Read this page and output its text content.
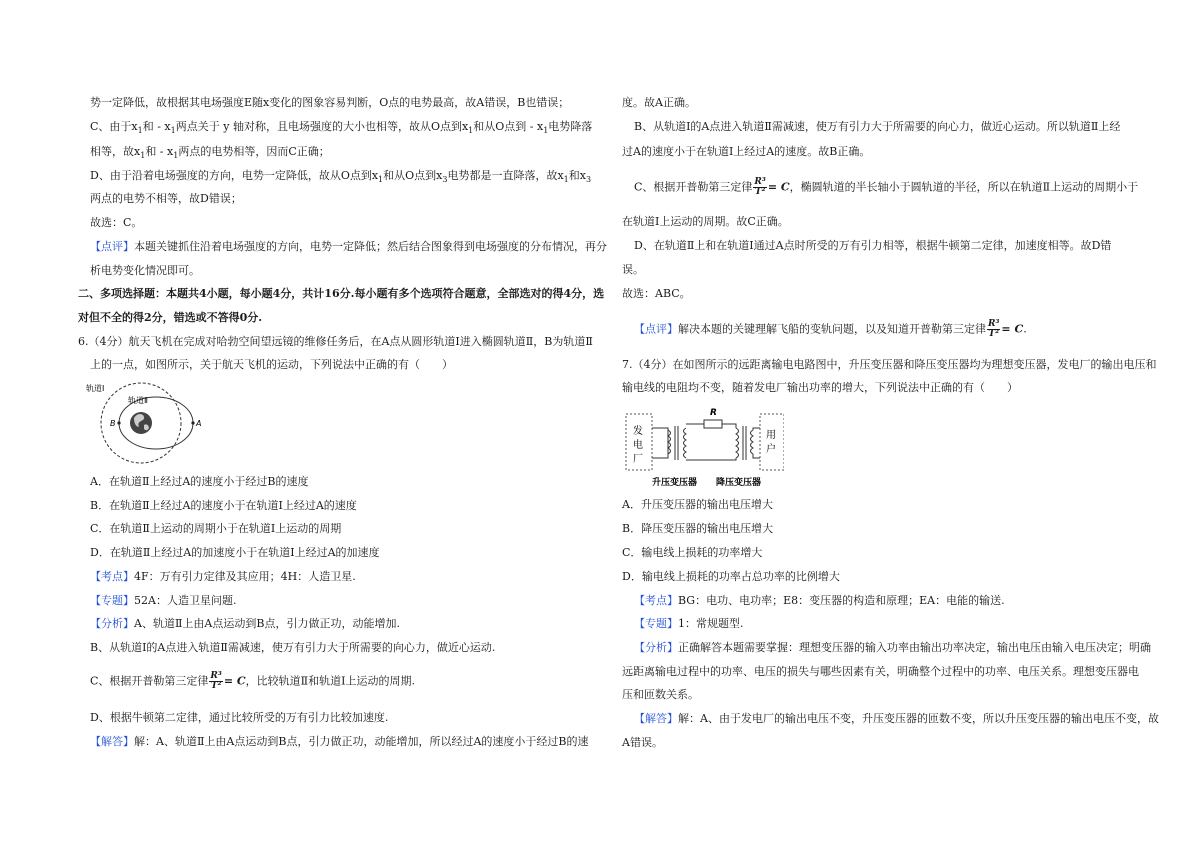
势一定降低，故根据其电场强度E随x变化的图象容易判断，O点的电势最高，故A错误，B也错误；
C、由于$x_1$和 - $x_1$两点关于 y 轴对称，且电场强度的大小也相等，故从O点到$x_1$和从O点到 - $x_1$电势降落
相等，故$x_1$和 - $x_1$两点的电势相等，因而C正确；
D、由于沿着电场强度的方向，电势一定降低，故从O点到$x_1$和从O点到$x_3$电势都是一直降落，故$x_1$和$x_3$
两点的电势不相等，故D错误；
故选：C。
【点评】本题关键抓住沿着电场强度的方向，电势一定降低；然后结合图象得到电场强度的分布情况，再分
析电势变化情况即可。
二、多项选择题：本题共4小题，每小题4分，共计16分.每小题有多个选项符合题意，全部选对的得4分，选
对但不全的得2分，错选或不答得0分.
6.（4分）航天飞机在完成对哈勃空间望远镜的维修任务后，在A点从圆形轨道Ⅰ进入椭圆轨道Ⅱ，B为轨道Ⅱ
上的一点，如图所示，关于航天飞机的运动，下列说法中正确的有（　　）
轨道Ⅰ
轨道Ⅱ
A
B
A．在轨道Ⅱ上经过A的速度小于经过B的速度
B．在轨道Ⅱ上经过A的速度小于在轨道Ⅰ上经过A的速度
C．在轨道Ⅱ上运动的周期小于在轨道Ⅰ上运动的周期
D．在轨道Ⅱ上经过A的加速度小于在轨道Ⅰ上经过A的加速度
【考点】4F：万有引力定律及其应用；4H：人造卫星.
【专题】52A：人造卫星问题.
【分析】A、轨道Ⅱ上由A点运动到B点，引力做正功，动能增加.
B、从轨道Ⅰ的A点进入轨道Ⅱ需减速，使万有引力大于所需要的向心力，做近心运动.
C、根据开普勒第三定律 $\frac{\text{R³}}{\text{T²}} = C$，比较轨道Ⅱ和轨道Ⅰ上运动的周期.
D、根据牛顿第二定律，通过比较所受的万有引力比较加速度.
【解答】解：A、轨道Ⅱ上由A点运动到B点，引力做正功，动能增加，所以经过A的速度小于经过B的速
度。故A正确。
B、从轨道Ⅰ的A点进入轨道Ⅱ需减速，使万有引力大于所需要的向心力，做近心运动。所以轨道Ⅱ上经
过A的速度小于在轨道Ⅰ上经过A的速度。故B正确。
C、根据开普勒第三定律 $\frac{\text{R³}}{\text{T²}} = C$，椭圆轨道的半长轴小于圆轨道的半径，所以在轨道Ⅱ上运动的周期小于
在轨道Ⅰ上运动的周期。故C正确。
D、在轨道Ⅱ上和在轨道Ⅰ通过A点时所受的万有引力相等，根据牛顿第二定律，加速度相等。故D错
误。
故选：ABC。
【点评】解决本题的关键理解飞船的变轨问题，以及知道开普勒第三定律 $\frac{\text{R³}}{\text{T²}} = C$.
7.（4分）在如图所示的远距离输电电路图中，升压变压器和降压变压器均为理想变压器，发电厂的输出电压和
输电线的电阻均不变，随着发电厂输出功率的增大，下列说法中正确的有（　　）
发
电
厂
用
户
R
升压变压器 降压变压器
A．升压变压器的输出电压增大
B．降压变压器的输出电压增大
C．输电线上损耗的功率增大
D．输电线上损耗的功率占总功率的比例增大
【考点】BG：电功、电功率；E8：变压器的构造和原理；EA：电能的输送.
【专题】1：常规题型.
【分析】正确解答本题需要掌握：理想变压器的输入功率由输出功率决定，输出电压由输入电压决定；明确
远距离输电过程中的功率、电压的损失与哪些因素有关，明确整个过程中的功率、电压关系。理想变压器电
压和匝数关系。
【解答】解：A、由于发电厂的输出电压不变，升压变压器的匝数不变，所以升压变压器的输出电压不变，故
A错误。
